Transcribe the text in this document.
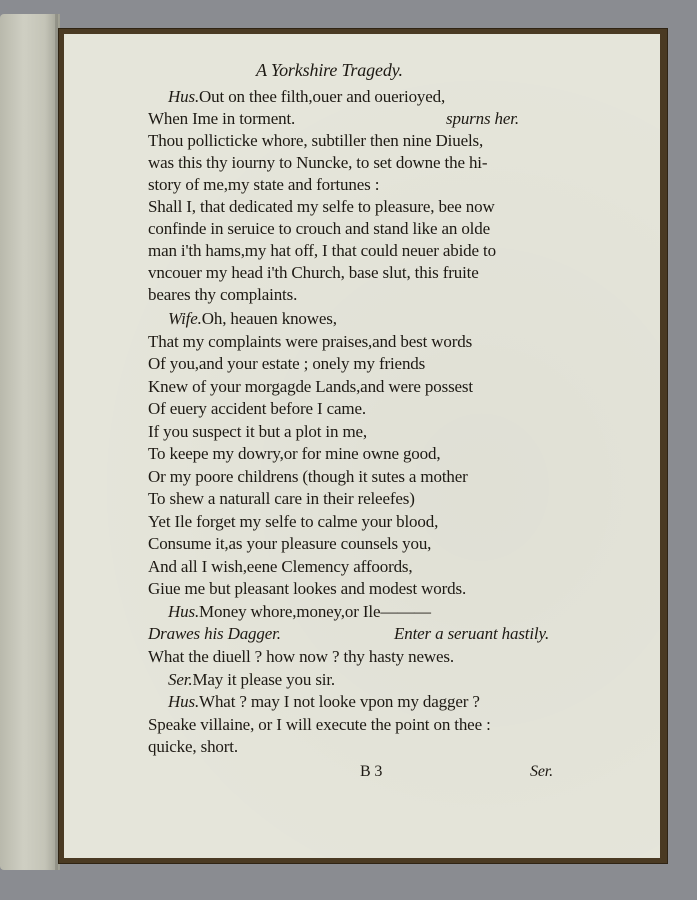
A Yorkshire Tragedy.
Hus.Out on thee filth,ouer and ouerioyed,
When Ime in torment.	spurns her.
Thou pollicticke whore, subtiller then nine Diuels,
was this thy iourny to Nuncke, to set downe the hi-
story of me,my state and fortunes :
Shall I, that dedicated my selfe to pleasure, bee now
confinde in seruice to crouch and stand like an olde
man i'th hams,my hat off, I that could neuer abide to
vncouer my head i'th Church, base slut, this fruite
beares thy complaints.
Wife.Oh, heauen knowes,
That my complaints were praises,and best words
Of you,and your estate ; onely my friends
Knew of your morgagde Lands,and were possest
Of euery accident before I came.
If you suspect it but a plot in me,
To keepe my dowry,or for mine owne good,
Or my poore childrens (though it sutes a mother
To shew a naturall care in their releefes)
Yet Ile forget my selfe to calme your blood,
Consume it,as your pleasure counsels you,
And all I wish,eene Clemency affoords,
Giue me but pleasant lookes and modest words.
Hus.Money whore,money,or Ile———
Drawes his Dagger.	Enter a seruant hastily.
What the diuell ? how now ? thy hasty newes.
Ser.May it please you sir.
Hus.What ? may I not looke vpon my dagger ?
Speake villaine, or I will execute the point on thee :
quicke, short.
B 3	Ser.
